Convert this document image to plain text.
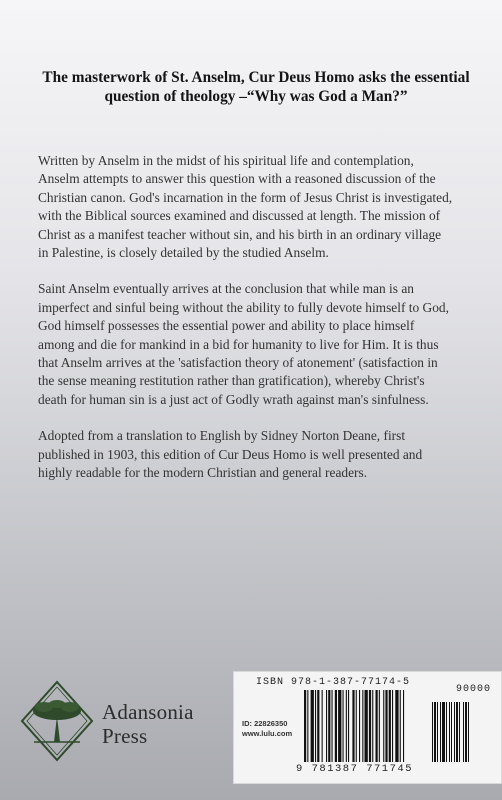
The masterwork of St. Anselm, Cur Deus Homo asks the essential question of theology –“Why was God a Man?”

Written by Anselm in the midst of his spiritual life and contemplation,
Anselm attempts to answer this question with a reasoned discussion of the
Christian canon. God's incarnation in the form of Jesus Christ is investigated,
with the Biblical sources examined and discussed at length. The mission of
Christ as a manifest teacher without sin, and his birth in an ordinary village
in Palestine, is closely detailed by the studied Anselm.

Saint Anselm eventually arrives at the conclusion that while man is an
imperfect and sinful being without the ability to fully devote himself to God,
God himself possesses the essential power and ability to place himself
among and die for mankind in a bid for humanity to live for Him. It is thus
that Anselm arrives at the 'satisfaction theory of atonement' (satisfaction in
the sense meaning restitution rather than gratification), whereby Christ's
death for human sin is a just act of Godly wrath against man's sinfulness.

Adopted from a translation to English by Sidney Norton Deane, first
published in 1903, this edition of Cur Deus Homo is well presented and
highly readable for the modern Christian and general readers.

Adansonia
Press
ISBN 978-1-387-77174-5
90000
ID: 22826350
www.lulu.com
9 781387 771745
